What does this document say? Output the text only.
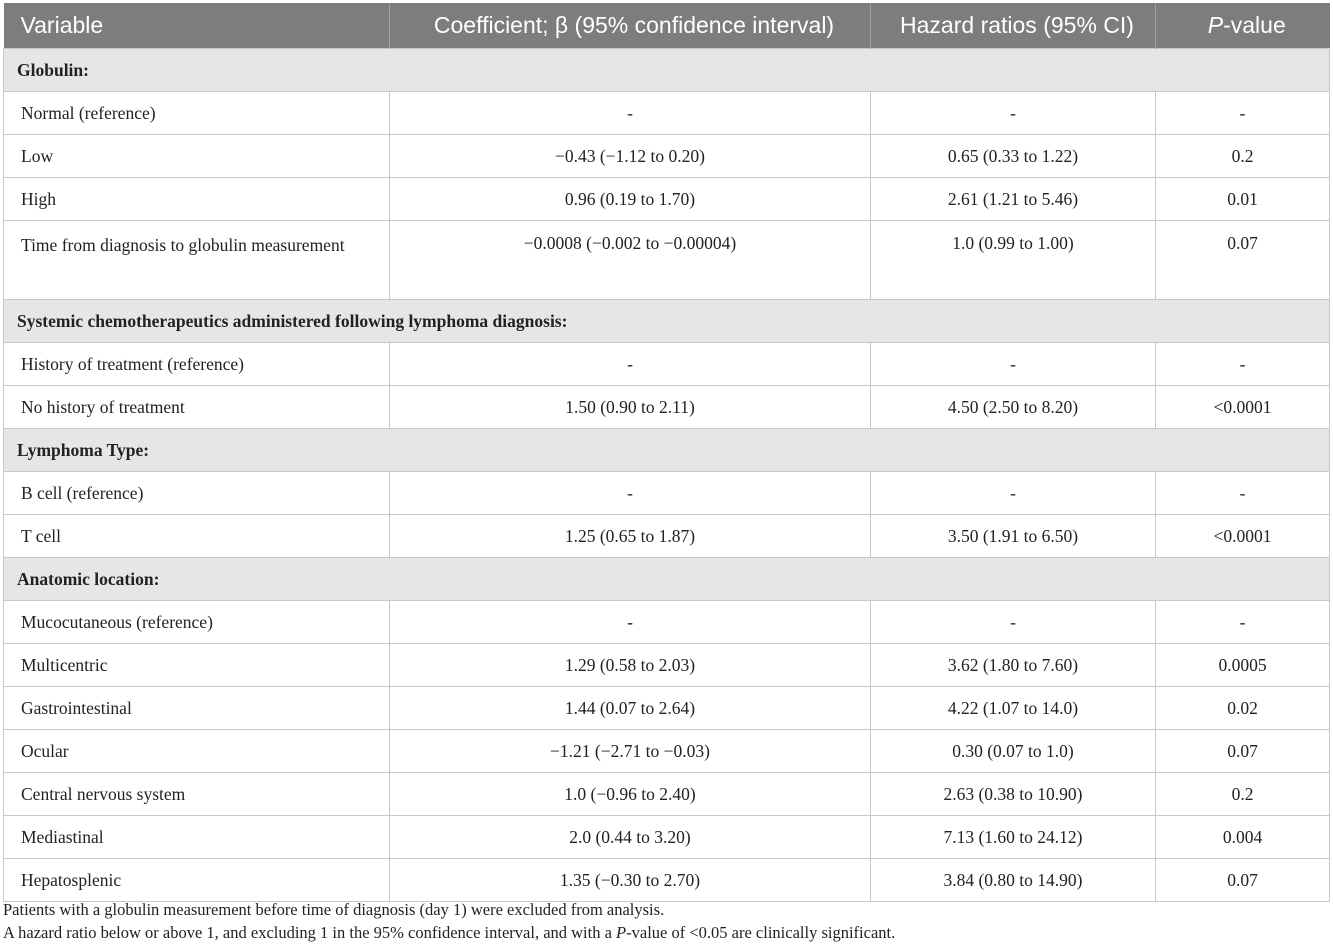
Variable	Coefficient; β (95% confidence interval)	Hazard ratios (95% CI)	P-value
Globulin:			
Normal (reference)	-	-	-
Low	−0.43 (−1.12 to 0.20)	0.65 (0.33 to 1.22)	0.2
High	0.96 (0.19 to 1.70)	2.61 (1.21 to 5.46)	0.01
Time from diagnosis to globulin measurement	−0.0008 (−0.002 to −0.00004)	1.0 (0.99 to 1.00)	0.07
Systemic chemotherapeutics administered following lymphoma diagnosis:			
History of treatment (reference)	-	-	-
No history of treatment	1.50 (0.90 to 2.11)	4.50 (2.50 to 8.20)	<0.0001
Lymphoma Type:			
B cell (reference)	-	-	-
T cell	1.25 (0.65 to 1.87)	3.50 (1.91 to 6.50)	<0.0001
Anatomic location:			
Mucocutaneous (reference)	-	-	-
Multicentric	1.29 (0.58 to 2.03)	3.62 (1.80 to 7.60)	0.0005
Gastrointestinal	1.44 (0.07 to 2.64)	4.22 (1.07 to 14.0)	0.02
Ocular	−1.21 (−2.71 to −0.03)	0.30 (0.07 to 1.0)	0.07
Central nervous system	1.0 (−0.96 to 2.40)	2.63 (0.38 to 10.90)	0.2
Mediastinal	2.0 (0.44 to 3.20)	7.13 (1.60 to 24.12)	0.004
Hepatosplenic	1.35 (−0.30 to 2.70)	3.84 (0.80 to 14.90)	0.07
Patients with a globulin measurement before time of diagnosis (day 1) were excluded from analysis.
A hazard ratio below or above 1, and excluding 1 in the 95% confidence interval, and with a P-value of <0.05 are clinically significant.
